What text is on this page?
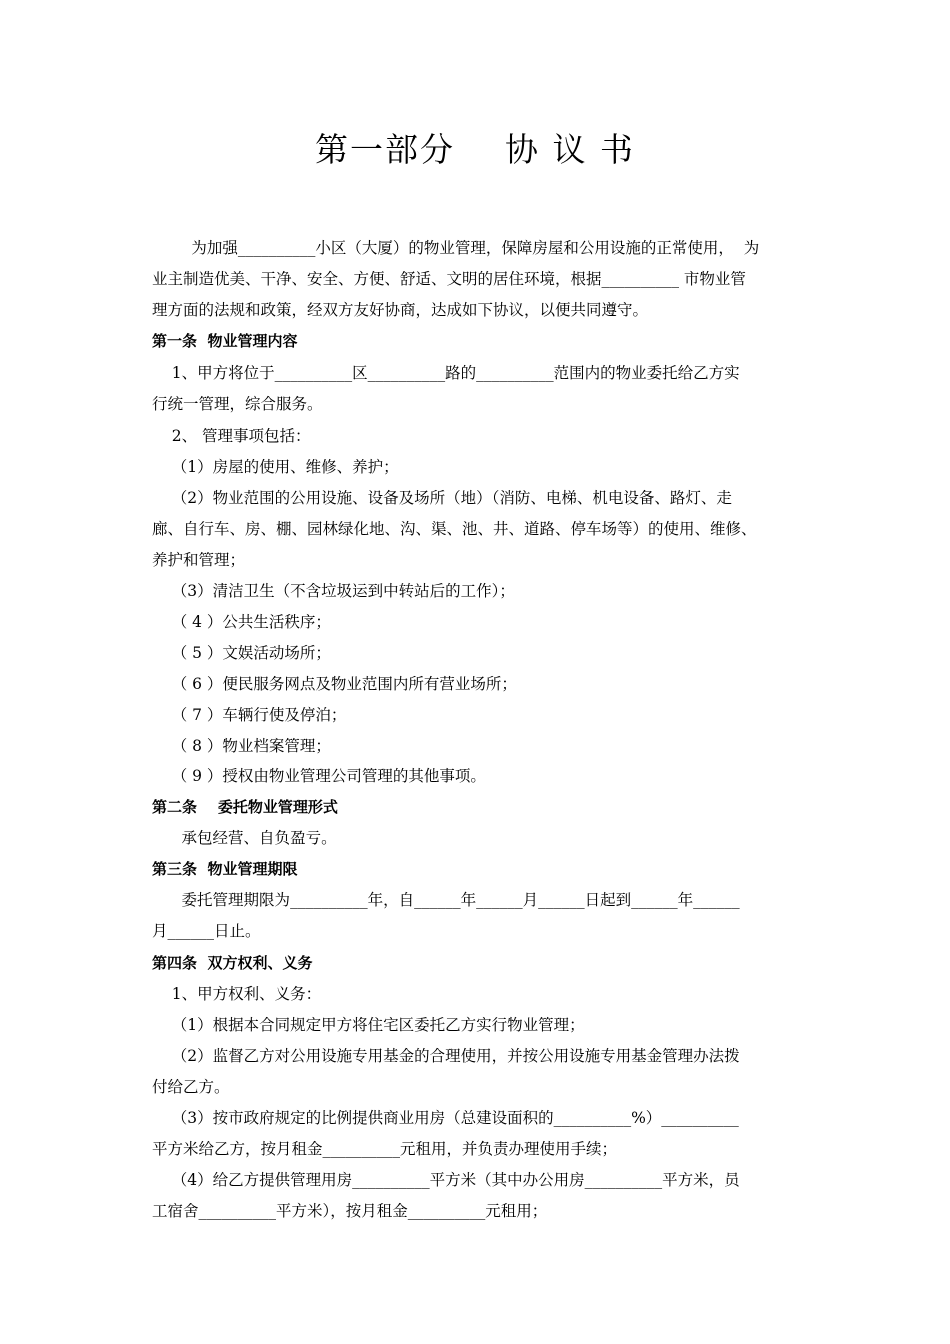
第一部分    协 议 书
为加强__________小区（大厦）的物业管理，保障房屋和公用设施的正常使用，  为
业主制造优美、干净、安全、方便、舒适、文明的居住环境，根据__________ 市物业管
理方面的法规和政策，经双方友好协商，达成如下协议，以便共同遵守。
第一条  物业管理内容
1、甲方将位于__________区__________路的__________范围内的物业委托给乙方实
行统一管理，综合服务。
2、 管理事项包括：
（1）房屋的使用、维修、养护；
（2）物业范围的公用设施、设备及场所（地）（消防、电梯、机电设备、路灯、走
廊、自行车、房、棚、园林绿化地、沟、渠、池、井、道路、停车场等）的使用、维修、
养护和管理；
（3）清洁卫生（不含垃圾运到中转站后的工作）；
（ 4 ）公共生活秩序；
（ 5 ）文娱活动场所；
（ 6 ）便民服务网点及物业范围内所有营业场所；
（ 7 ）车辆行使及停泊；
（ 8 ）物业档案管理；
（ 9 ）授权由物业管理公司管理的其他事项。
第二条    委托物业管理形式
承包经营、自负盈亏。
第三条  物业管理期限
委托管理期限为__________年，自______年______月______日起到______年______
月______日止。
第四条  双方权利、义务
1、甲方权利、义务：
（1）根据本合同规定甲方将住宅区委托乙方实行物业管理；
（2）监督乙方对公用设施专用基金的合理使用，并按公用设施专用基金管理办法拨
付给乙方。
（3）按市政府规定的比例提供商业用房（总建设面积的__________%）__________
平方米给乙方，按月租金__________元租用，并负责办理使用手续；
（4）给乙方提供管理用房__________平方米（其中办公用房__________平方米，员
工宿舍__________平方米），按月租金__________元租用；
